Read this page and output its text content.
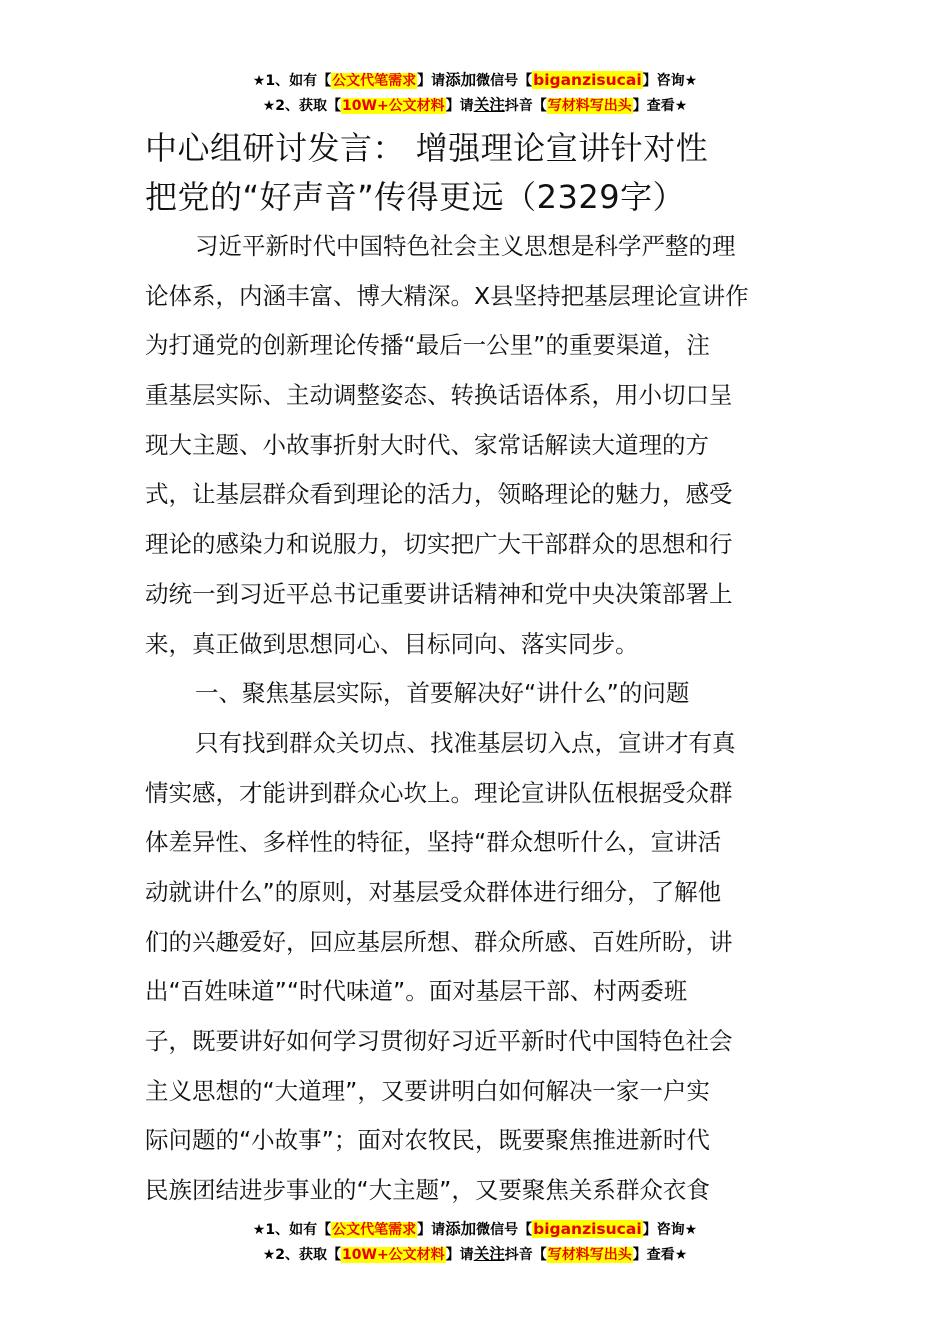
★1、如有【公文代笔需求】请添加微信号【biganzisucai】咨询★
★2、获取【10W+公文材料】请关注抖音【写材料写出头】查看★
中心组研讨发言： 增强理论宣讲针对性
把党的“好声音”传得更远（2329字）
习近平新时代中国特色社会主义思想是科学严整的理
论体系，内涵丰富、博大精深。X县坚持把基层理论宣讲作
为打通党的创新理论传播“最后一公里”的重要渠道，注
重基层实际、主动调整姿态、转换话语体系，用小切口呈
现大主题、小故事折射大时代、家常话解读大道理的方
式，让基层群众看到理论的活力，领略理论的魅力，感受
理论的感染力和说服力，切实把广大干部群众的思想和行
动统一到习近平总书记重要讲话精神和党中央决策部署上
来，真正做到思想同心、目标同向、落实同步。
一、聚焦基层实际，首要解决好“讲什么”的问题
只有找到群众关切点、找准基层切入点，宣讲才有真
情实感，才能讲到群众心坎上。理论宣讲队伍根据受众群
体差异性、多样性的特征，坚持“群众想听什么，宣讲活
动就讲什么”的原则，对基层受众群体进行细分，了解他
们的兴趣爱好，回应基层所想、群众所感、百姓所盼，讲
出“百姓味道”“时代味道”。面对基层干部、村两委班
子，既要讲好如何学习贯彻好习近平新时代中国特色社会
主义思想的“大道理”，又要讲明白如何解决一家一户实
际问题的“小故事”；面对农牧民，既要聚焦推进新时代
民族团结进步事业的“大主题”，又要聚焦关系群众衣食
★1、如有【公文代笔需求】请添加微信号【biganzisucai】咨询★
★2、获取【10W+公文材料】请关注抖音【写材料写出头】查看★
